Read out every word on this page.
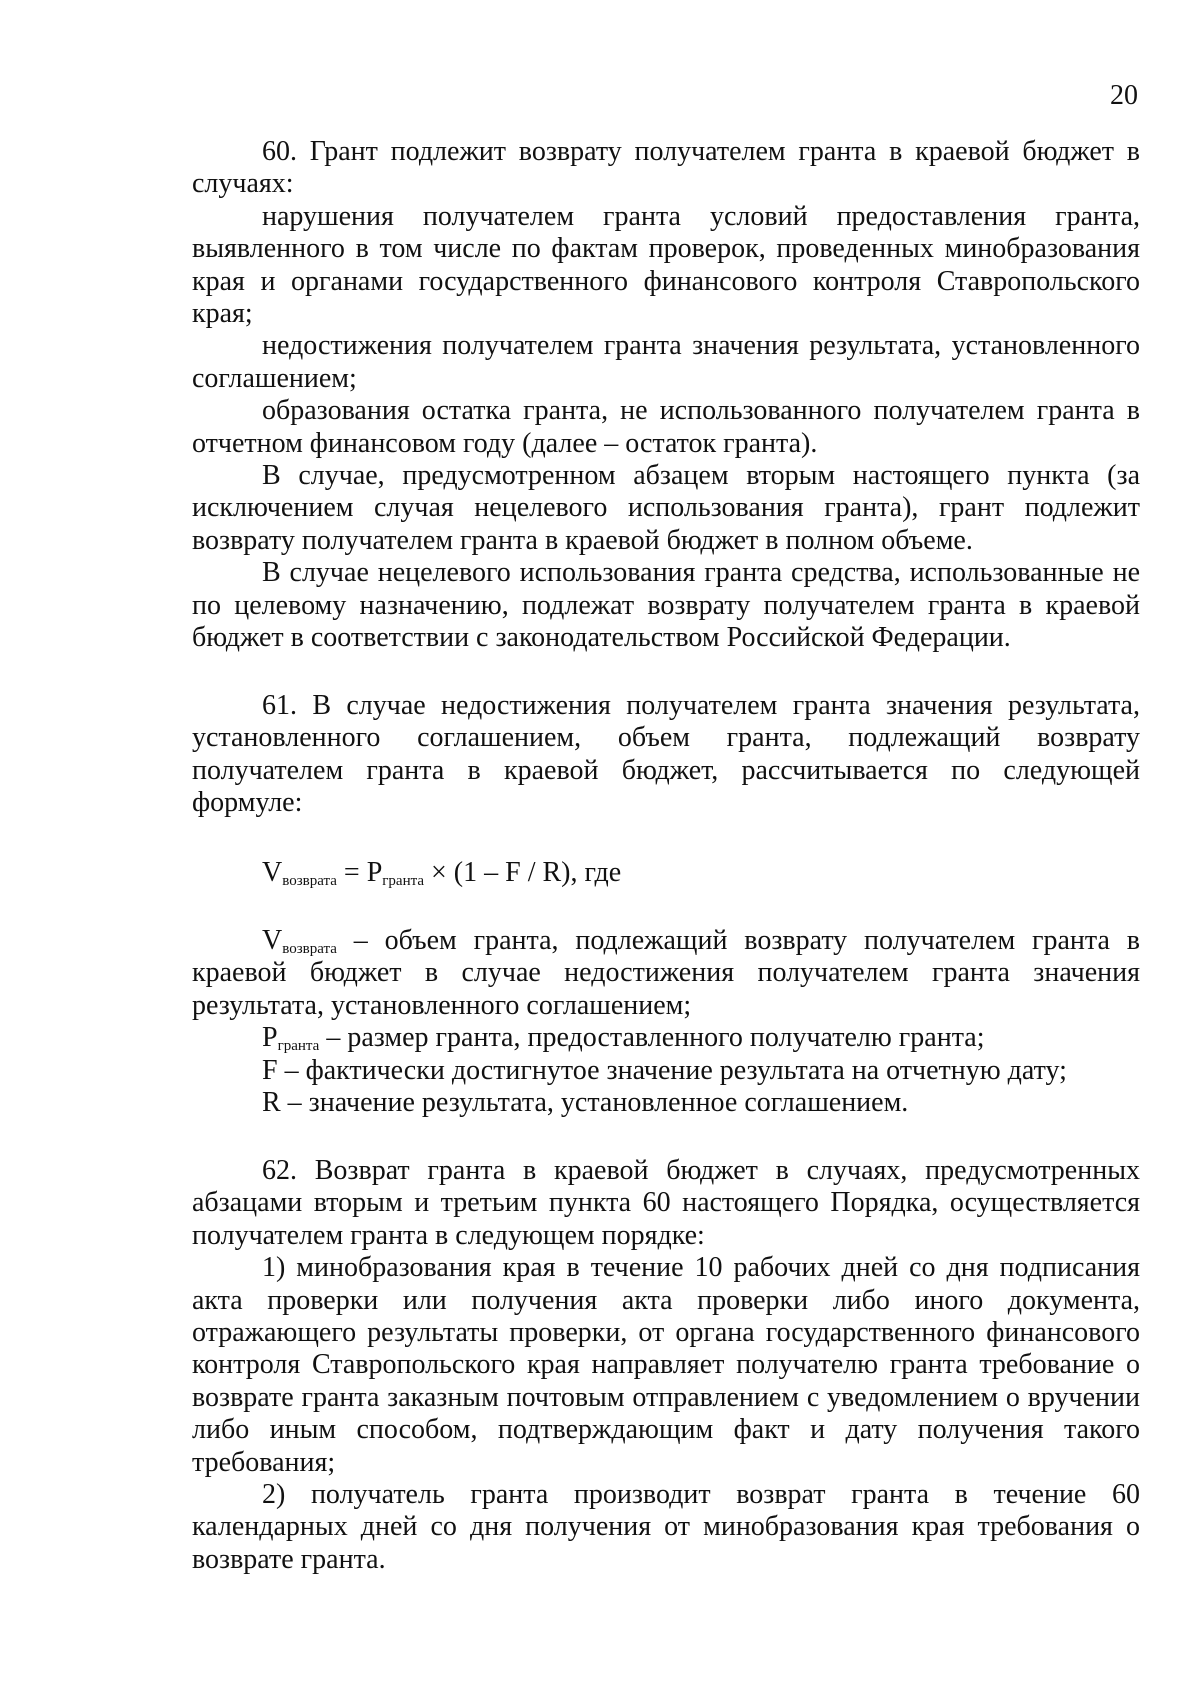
20

60. Грант подлежит возврату получателем гранта в краевой бюджет в случаях:

нарушения получателем гранта условий предоставления гранта, выявленного в том числе по фактам проверок, проведенных минобразования края и органами государственного финансового контроля Ставропольского края;

недостижения получателем гранта значения результата, установленного соглашением;

образования остатка гранта, не использованного получателем гранта в отчетном финансовом году (далее – остаток гранта).

В случае, предусмотренном абзацем вторым настоящего пункта (за исключением случая нецелевого использования гранта), грант подлежит возврату получателем гранта в краевой бюджет в полном объеме.

В случае нецелевого использования гранта средства, использованные не по целевому назначению, подлежат возврату получателем гранта в краевой бюджет в соответствии с законодательством Российской Федерации.

61. В случае недостижения получателем гранта значения результата, установленного соглашением, объем гранта, подлежащий возврату получателем гранта в краевой бюджет, рассчитывается по следующей формуле:

$V_{возврата} = P_{гранта} \times (1 - F / R)$, где

$V_{возврата}$ – объем гранта, подлежащий возврату получателем гранта в краевой бюджет в случае недостижения получателем гранта значения результата, установленного соглашением;

$P_{гранта}$ – размер гранта, предоставленного получателю гранта;

F – фактически достигнутое значение результата на отчетную дату;

R – значение результата, установленное соглашением.

62. Возврат гранта в краевой бюджет в случаях, предусмотренных абзацами вторым и третьим пункта 60 настоящего Порядка, осуществляется получателем гранта в следующем порядке:

1) минобразования края в течение 10 рабочих дней со дня подписания акта проверки или получения акта проверки либо иного документа, отражающего результаты проверки, от органа государственного финансового контроля Ставропольского края направляет получателю гранта требование о возврате гранта заказным почтовым отправлением с уведомлением о вручении либо иным способом, подтверждающим факт и дату получения такого требования;

2) получатель гранта производит возврат гранта в течение 60 календарных дней со дня получения от минобразования края требования о возврате гранта.
